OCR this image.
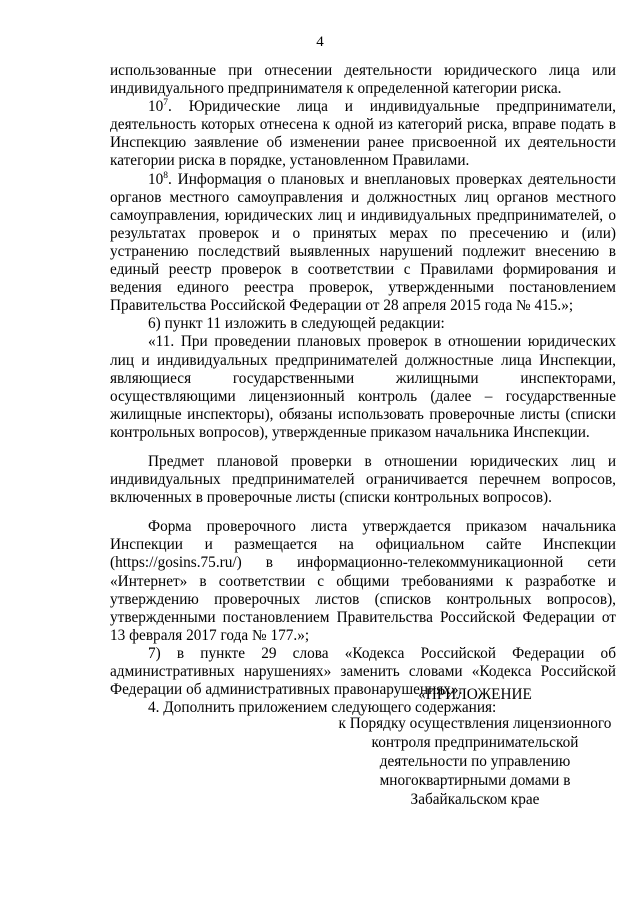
4

использованные при отнесении деятельности юридического лица или индивидуального предпринимателя к определенной категории риска.

$10^7$. Юридические лица и индивидуальные предприниматели, деятельность которых отнесена к одной из категорий риска, вправе подать в Инспекцию заявление об изменении ранее присвоенной их деятельности категории риска в порядке, установленном Правилами.

$10^8$. Информация о плановых и внеплановых проверках деятельности органов местного самоуправления и должностных лиц органов местного самоуправления, юридических лиц и индивидуальных предпринимателей, о результатах проверок и о принятых мерах по пресечению и (или) устранению последствий выявленных нарушений подлежит внесению в единый реестр проверок в соответствии с Правилами формирования и ведения единого реестра проверок, утвержденными постановлением Правительства Российской Федерации от 28 апреля 2015 года № 415.»;

6) пункт 11 изложить в следующей редакции:

«11. При проведении плановых проверок в отношении юридических лиц и индивидуальных предпринимателей должностные лица Инспекции, являющиеся государственными жилищными инспекторами, осуществляющими лицензионный контроль (далее – государственные жилищные инспекторы), обязаны использовать проверочные листы (списки контрольных вопросов), утвержденные приказом начальника Инспекции.

Предмет плановой проверки в отношении юридических лиц и индивидуальных предпринимателей ограничивается перечнем вопросов, включенных в проверочные листы (списки контрольных вопросов).

Форма проверочного листа утверждается приказом начальника Инспекции и размещается на официальном сайте Инспекции (https://gosins.75.ru/) в информационно-телекоммуникационной сети «Интернет» в соответствии с общими требованиями к разработке и утверждению проверочных листов (списков контрольных вопросов), утвержденными постановлением Правительства Российской Федерации от 13 февраля 2017 года № 177.»;

7) в пункте 29 слова «Кодекса Российской Федерации об административных нарушениях» заменить словами «Кодекса Российской Федерации об административных правонарушениях».

4. Дополнить приложением следующего содержания:

«ПРИЛОЖЕНИЕ
к Порядку осуществления лицензионного
контроля предпринимательской
деятельности по управлению
многоквартирными домами в
Забайкальском крае
